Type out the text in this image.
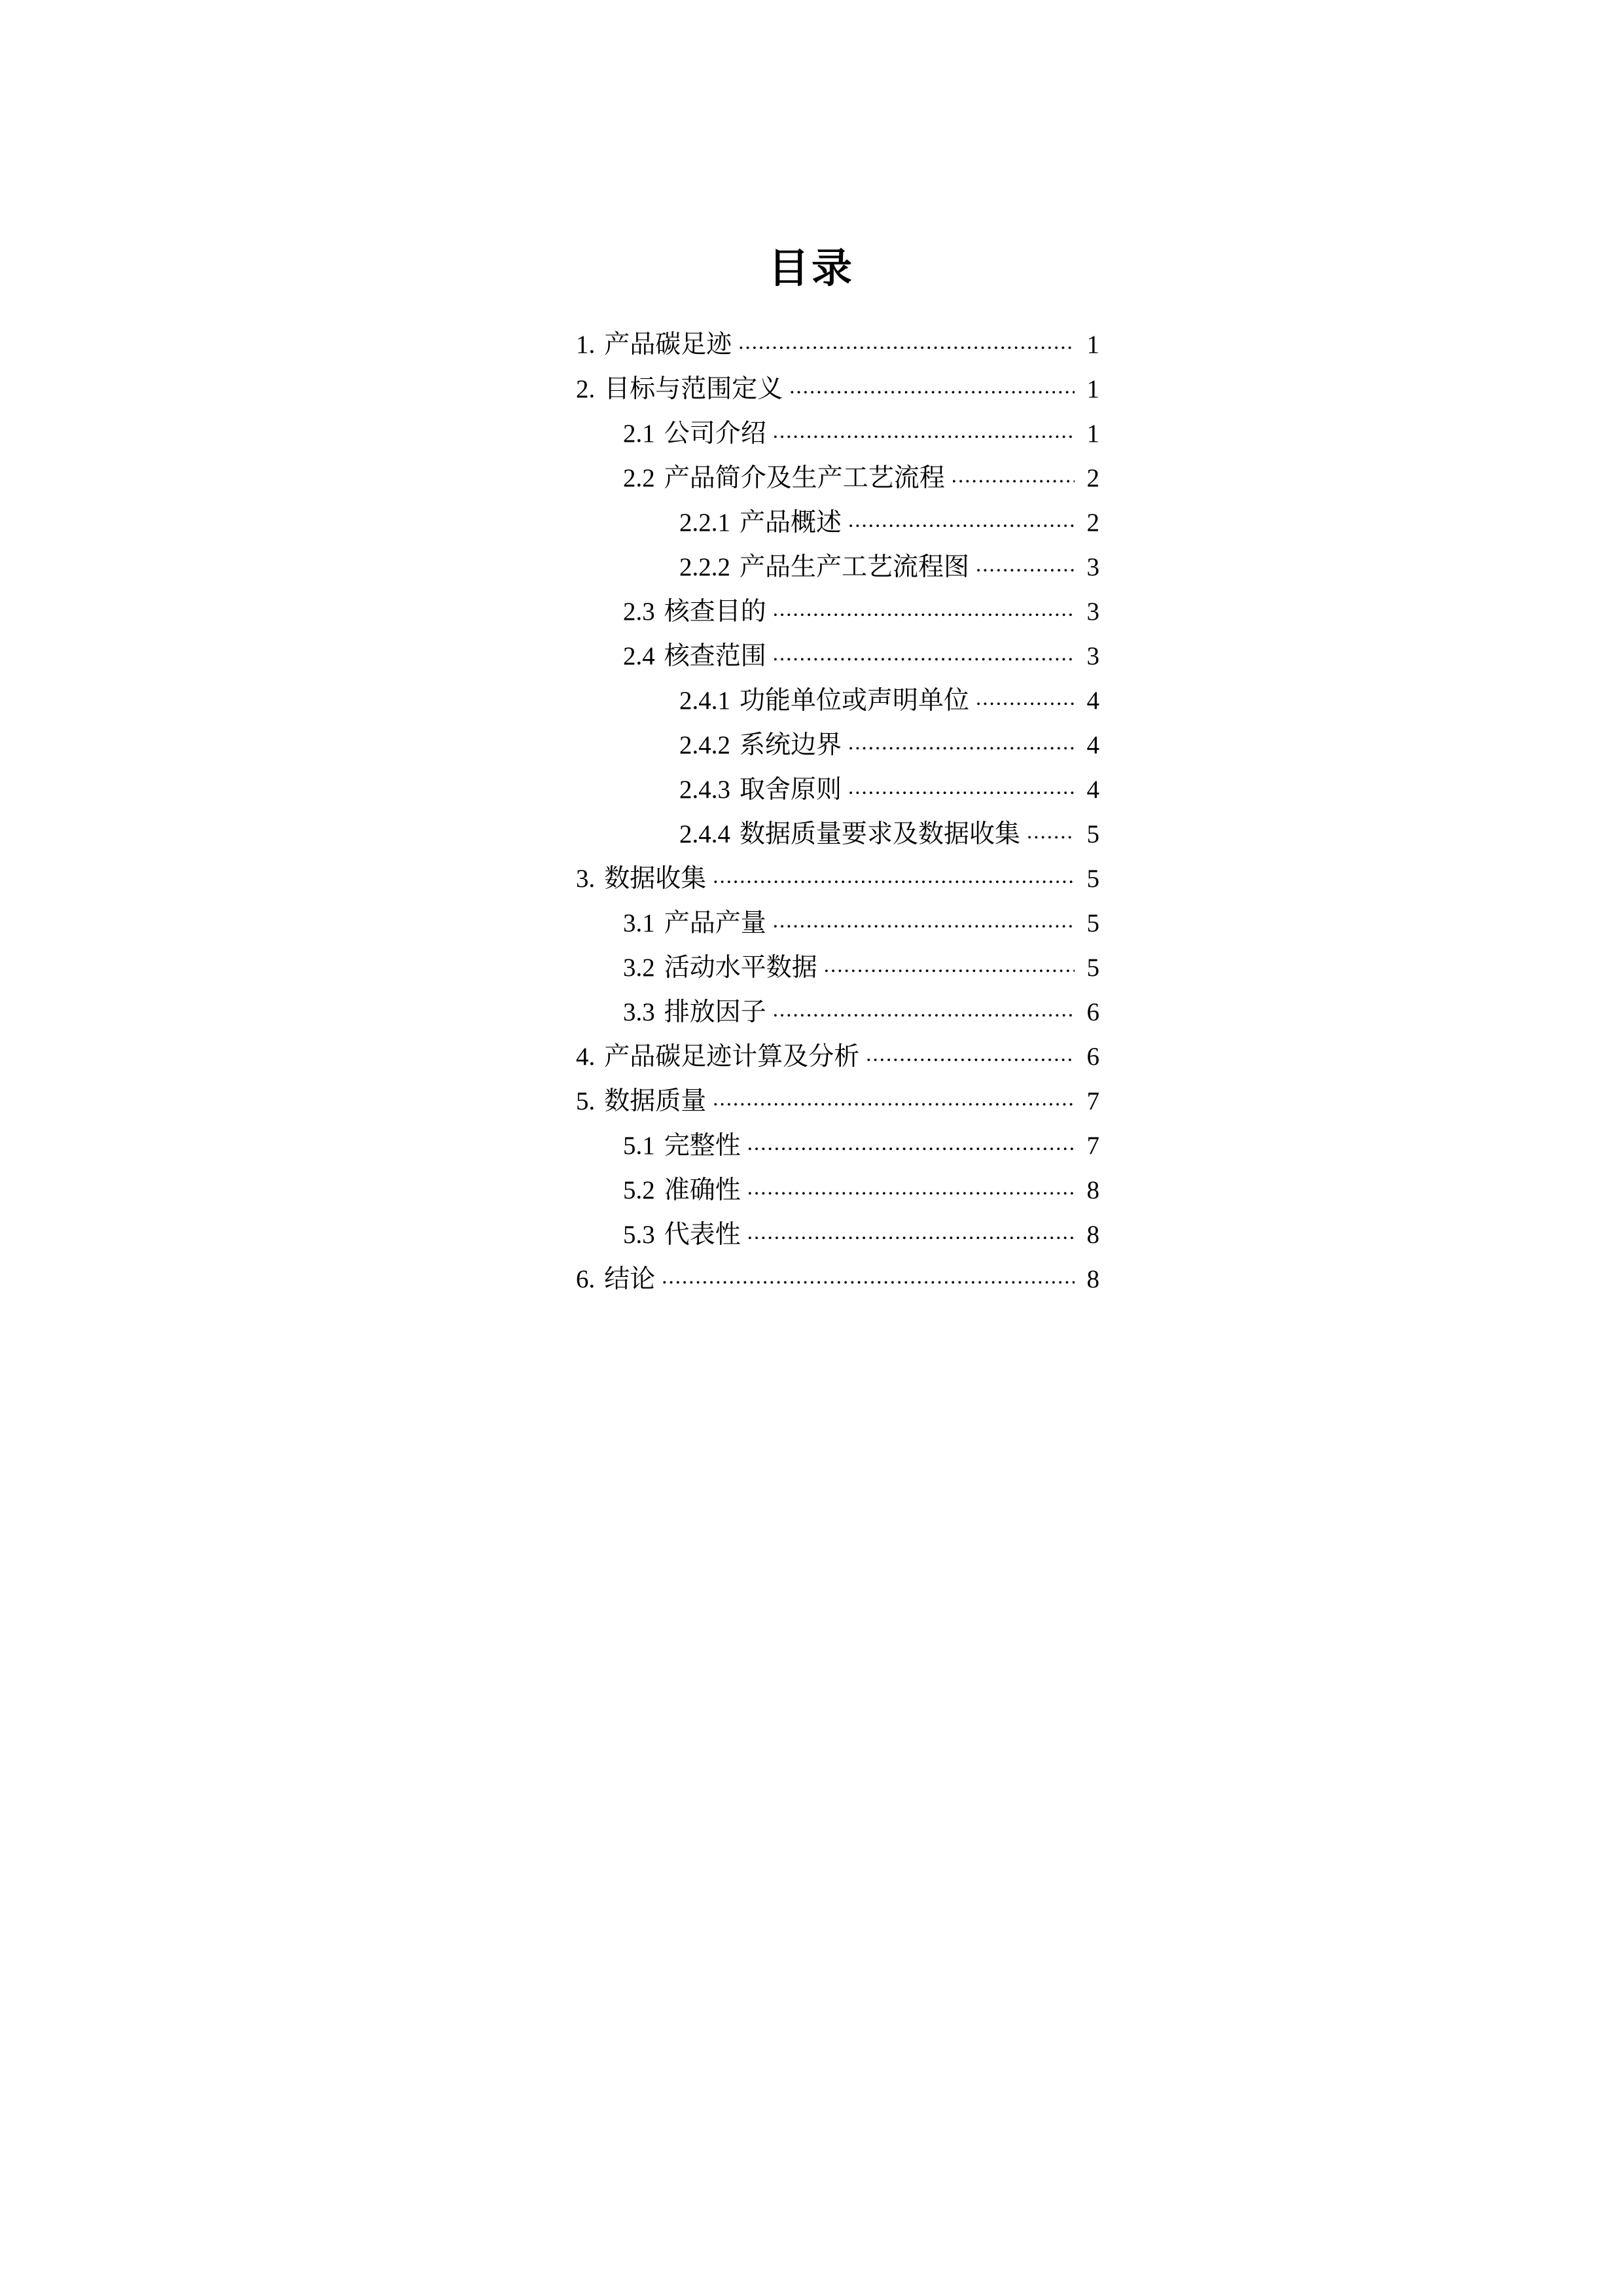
目录
1. 产品碳足迹 .....	1
2. 目标与范围定义 .....	1
2.1 公司介绍 .....	1
2.2 产品简介及生产工艺流程 .....	2
2.2.1 产品概述 .....	2
2.2.2 产品生产工艺流程图 .....	3
2.3 核查目的 .....	3
2.4 核查范围 .....	3
2.4.1 功能单位或声明单位 .....	4
2.4.2 系统边界 .....	4
2.4.3 取舍原则 .....	4
2.4.4 数据质量要求及数据收集 .....	5
3. 数据收集 .....	5
3.1 产品产量 .....	5
3.2 活动水平数据 .....	5
3.3 排放因子 .....	6
4. 产品碳足迹计算及分析 .....	6
5. 数据质量 .....	7
5.1 完整性 .....	7
5.2 准确性 .....	8
5.3 代表性 .....	8
6. 结论 .....	8
